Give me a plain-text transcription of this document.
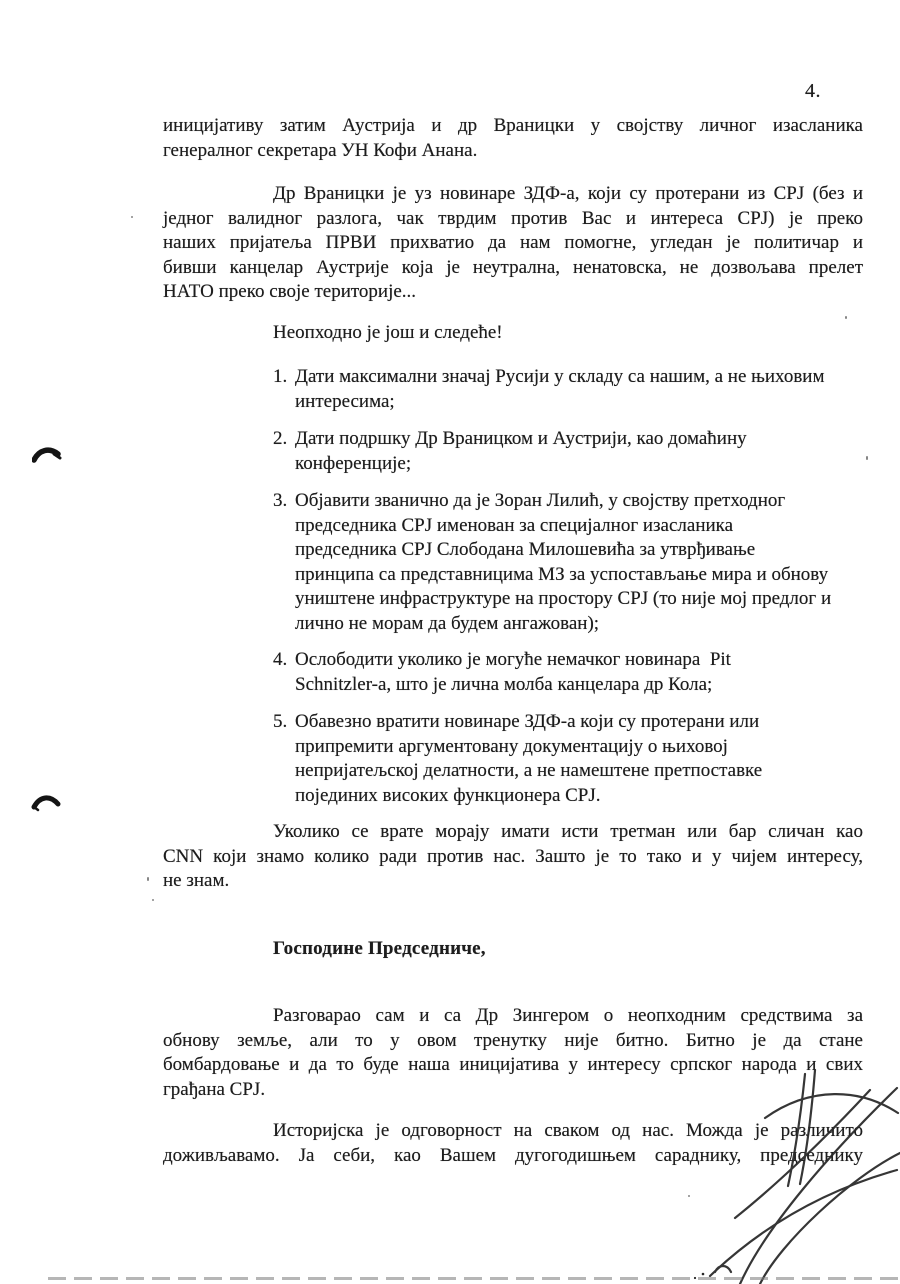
4.
иницијативу затим Аустрија и др Враницки у својству личног изасланика
генералног секретара УН Кофи Анана.
Др Враницки је уз новинаре ЗДФ-а, који су протерани из СРЈ (без и
једног валидног разлога, чак тврдим против Вас и интереса СРЈ) је преко
наших пријатеља ПРВИ прихватио да нам помогне, угледан је политичар и
бивши канцелар Аустрије која је неутрална, ненатовска, не дозвољава прелет
НАТО преко своје територије...
Неопходно је још и следеће!
1. Дати максимални значај Русији у складу са нашим, а не њиховим
интересима;
2. Дати подршку Др Враницком и Аустрији, као домаћину
конференције;
3. Објавити званично да је Зоран Лилић, у својству претходног
председника СРЈ именован за специјалног изасланика
председника СРЈ Слободана Милошевића за утврђивање
принципа са представницима МЗ за успостављање мира и обнову
уништене инфраструктуре на простору СРЈ (то није мој предлог и
лично не морам да будем ангажован);
4. Ослободити уколико је могуће немачког новинара  Pit
Schnitzler-а, што је лична молба канцелара др Кола;
5. Обавезно вратити новинаре ЗДФ-а који су протерани или
припремити аргументовану документацију о њиховој
непријатељској делатности, а не намештене претпоставке
појединих високих функционера СРЈ.
Уколико се врате морају имати исти третман или бар сличан као
CNN који знамо колико ради против нас. Зашто је то тако и у чијем интересу,
не знам.
Господине Председниче,
Разговарао сам и са Др Зингером о неопходним средствима за
обнову земље, али то у овом тренутку није битно. Битно је да стане
бомбардовање и да то буде наша иницијатива у интересу српског народа и свих
грађана СРЈ.
Историјска је одговорност на сваком од нас. Можда је различито
доживљавамо. Ја себи, као Вашем дугогодишњем сараднику, председнику
